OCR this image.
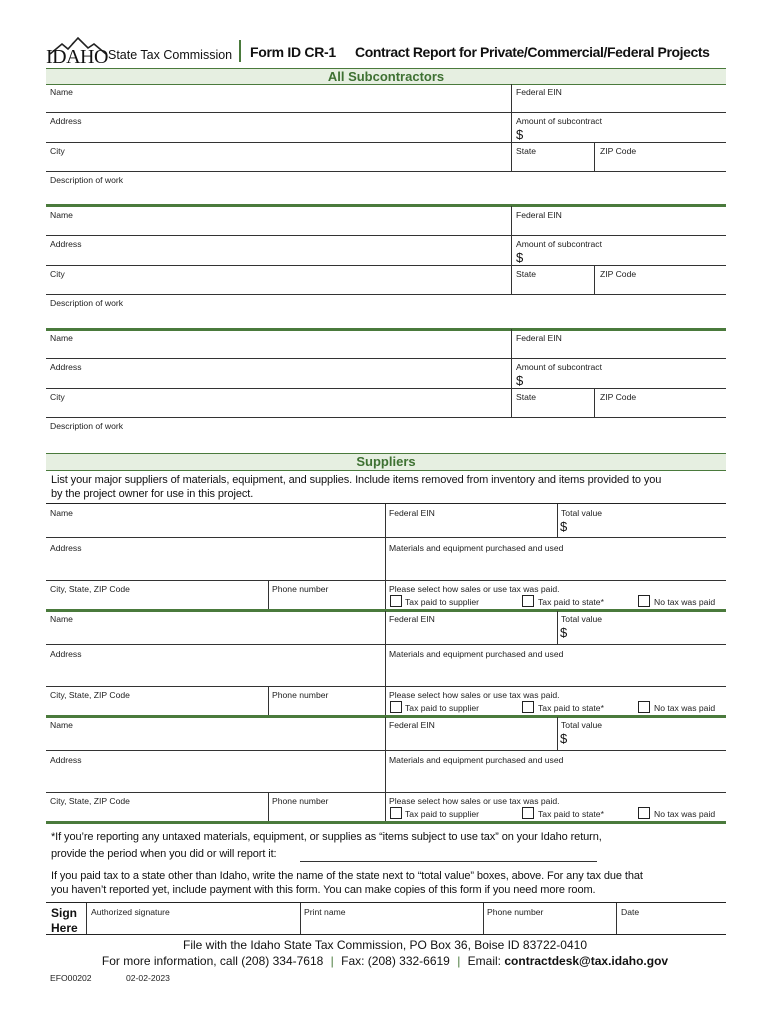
IDAHO State Tax Commission Form ID CR-1 Contract Report for Private/Commercial/Federal Projects
All Subcontractors
Name	Federal EIN
Address	Amount of subcontract
$
City	State	ZIP Code
Description of work
Name	Federal EIN
Address	Amount of subcontract
$
City	State	ZIP Code
Description of work
Name	Federal EIN
Address	Amount of subcontract
$
City	State	ZIP Code
Description of work
Suppliers
List your major suppliers of materials, equipment, and supplies. Include items removed from inventory and items provided to you
by the project owner for use in this project.
Name	Federal EIN	Total value
$
Address	Materials and equipment purchased and used
City, State, ZIP Code	Phone number	Please select how sales or use tax was paid.
Tax paid to supplier	Tax paid to state*	No tax was paid
Name	Federal EIN	Total value
$
Address	Materials and equipment purchased and used
City, State, ZIP Code	Phone number	Please select how sales or use tax was paid.
Tax paid to supplier	Tax paid to state*	No tax was paid
Name	Federal EIN	Total value
$
Address	Materials and equipment purchased and used
City, State, ZIP Code	Phone number	Please select how sales or use tax was paid.
Tax paid to supplier	Tax paid to state*	No tax was paid
*If you’re reporting any untaxed materials, equipment, or supplies as “items subject to use tax” on your Idaho return,
provide the period when you did or will report it:
If you paid tax to a state other than Idaho, write the name of the state next to “total value” boxes, above. For any tax due that
you haven’t reported yet, include payment with this form. You can make copies of this form if you need more room.
Sign
Here
Authorized signature	Print name	Phone number	Date
File with the Idaho State Tax Commission, PO Box 36, Boise ID 83722-0410
For more information, call (208) 334-7618 | Fax: (208) 332-6619 | Email: contractdesk@tax.idaho.gov
EFO00202	02-02-2023
